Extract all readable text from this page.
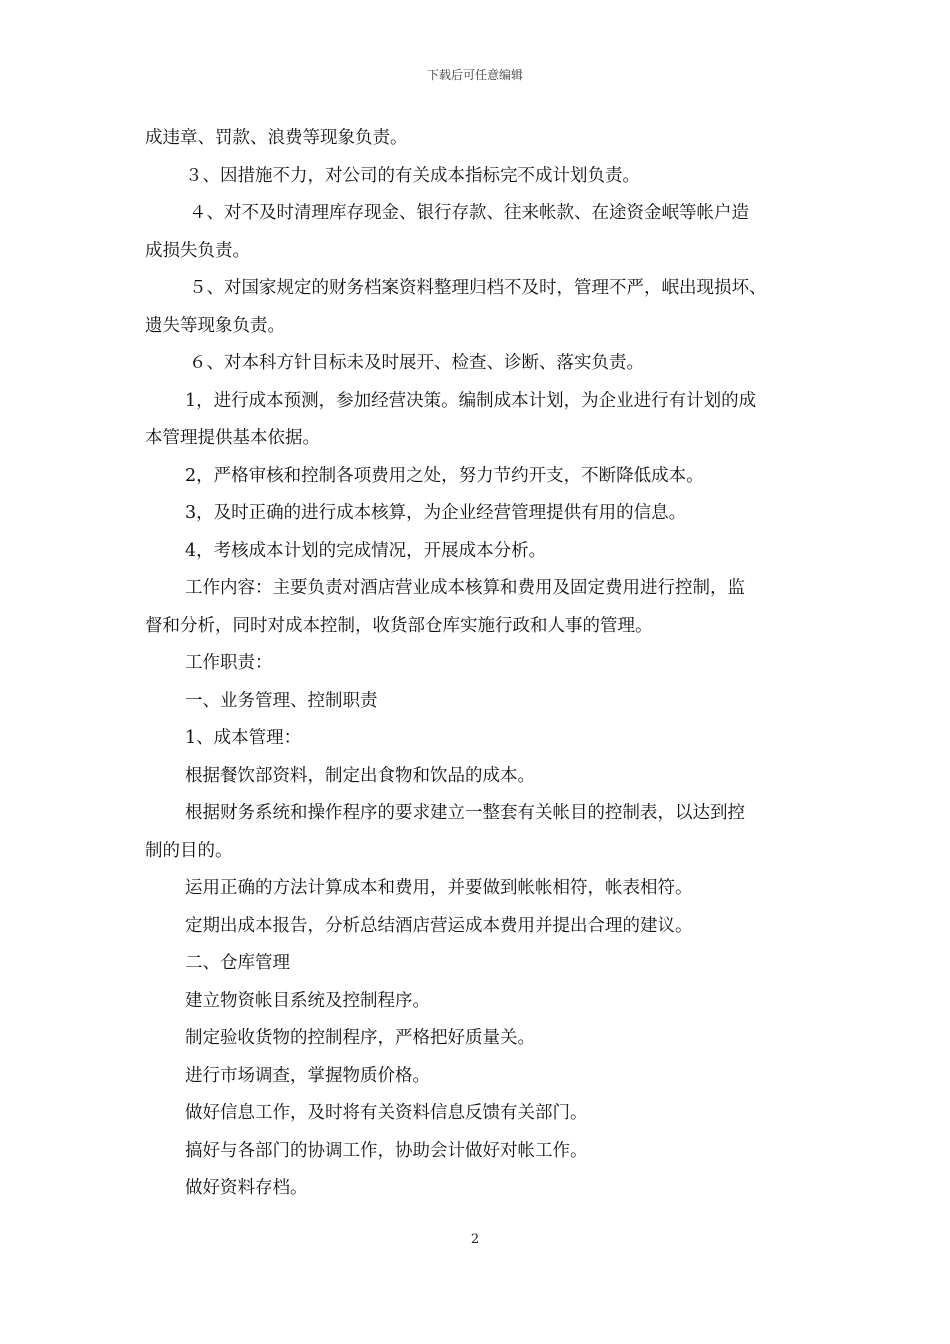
下载后可任意编辑

成违章、罚款、浪费等现象负责。

３、因措施不力，对公司的有关成本指标完不成计划负责。

４、对不及时清理库存现金、银行存款、往来帐款、在途资金岷等帐户造

成损失负责。

５、对国家规定的财务档案资料整理归档不及时，管理不严，岷出现损坏、

遗失等现象负责。

６、对本科方针目标未及时展开、检查、诊断、落实负责。

1，进行成本预测，参加经营决策。编制成本计划，为企业进行有计划的成

本管理提供基本依据。

2，严格审核和控制各项费用之处，努力节约开支，不断降低成本。

3，及时正确的进行成本核算，为企业经营管理提供有用的信息。

4，考核成本计划的完成情况，开展成本分析。

工作内容：主要负责对酒店营业成本核算和费用及固定费用进行控制，监

督和分析，同时对成本控制，收货部仓库实施行政和人事的管理。

工作职责：

一、业务管理、控制职责

1、成本管理：

根据餐饮部资料，制定出食物和饮品的成本。

根据财务系统和操作程序的要求建立一整套有关帐目的控制表，以达到控

制的目的。

运用正确的方法计算成本和费用，并要做到帐帐相符，帐表相符。

定期出成本报告，分析总结酒店营运成本费用并提出合理的建议。

二、仓库管理

建立物资帐目系统及控制程序。

制定验收货物的控制程序，严格把好质量关。

进行市场调查，掌握物质价格。

做好信息工作，及时将有关资料信息反馈有关部门。

搞好与各部门的协调工作，协助会计做好对帐工作。

做好资料存档。

2
